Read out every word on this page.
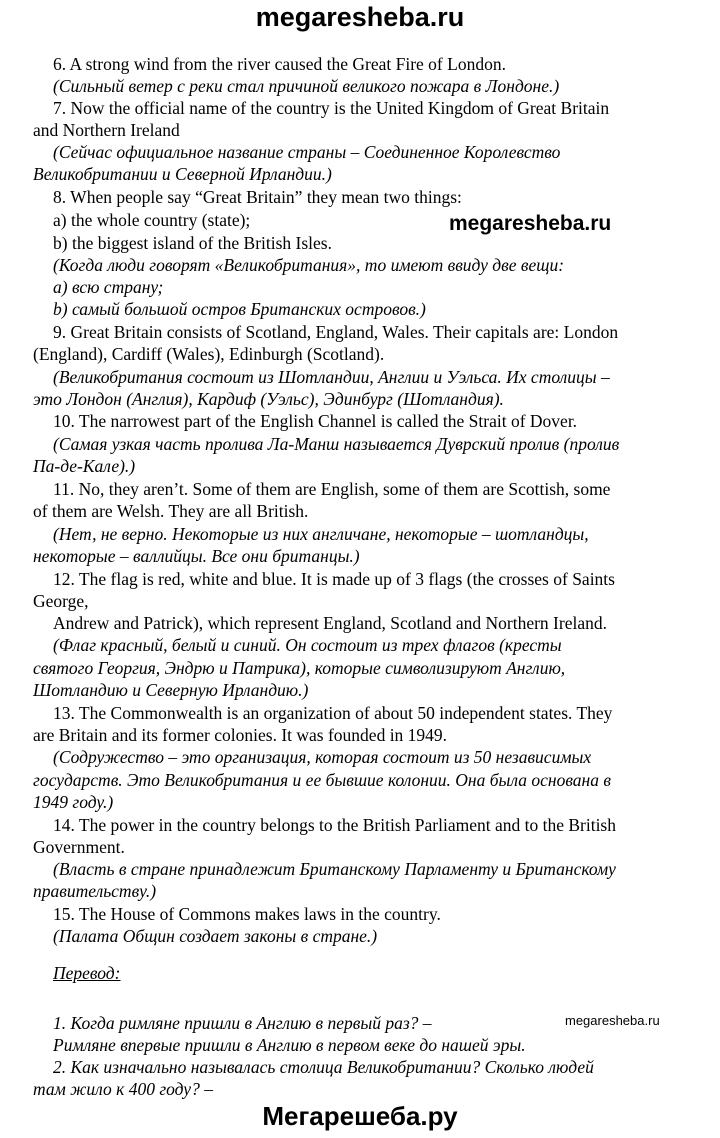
megaresheba.ru
6. A strong wind from the river caused the Great Fire of London.
(Сильный ветер с реки стал причиной великого пожара в Лондоне.)
7. Now the official name of the country is the United Kingdom of Great Britain
and Northern Ireland
(Сейчас официальное название страны – Соединенное Королевство
Великобритании и Северной Ирландии.)
8. When people say “Great Britain” they mean two things:
a) the whole country (state);
b) the biggest island of the British Isles.
(Когда люди говорят «Великобритания», то имеют ввиду две вещи:
а) всю страну;
b) самый большой остров Британских островов.)
9. Great Britain consists of Scotland, England, Wales. Their capitals are: London
(England), Cardiff (Wales), Edinburgh (Scotland).
(Великобритания состоит из Шотландии, Англии и Уэльса. Их столицы –
это Лондон (Англия), Кардиф (Уэльс), Эдинбург (Шотландия).
10. The narrowest part of the English Channel is called the Strait of Dover.
(Самая узкая часть пролива Ла-Манш называется Дуврский пролив (пролив
Па-де-Кале).)
11. No, they aren’t. Some of them are English, some of them are Scottish, some
of them are Welsh. They are all British.
(Нет, не верно. Некоторые из них англичане, некоторые – шотландцы,
некоторые – валлийцы. Все они британцы.)
12. The flag is red, white and blue. It is made up of 3 flags (the crosses of Saints
George,
Andrew and Patrick), which represent England, Scotland and Northern Ireland.
(Флаг красный, белый и синий. Он состоит из трех флагов (кресты
святого Георгия, Эндрю и Патрика), которые символизируют Англию,
Шотландию и Северную Ирландию.)
13. The Commonwealth is an organization of about 50 independent states. They
are Britain and its former colonies. It was founded in 1949.
(Содружество – это организация, которая состоит из 50 независимых
государств. Это Великобритания и ее бывшие колонии. Она была основана в
1949 году.)
14. The power in the country belongs to the British Parliament and to the British
Government.
(Власть в стране принадлежит Британскому Парламенту и Британскому
правительству.)
15. The House of Commons makes laws in the country.
(Палата Общин создает законы в стране.)
Перевод:
1. Когда римляне пришли в Англию в первый раз? –
Римляне впервые пришли в Англию в первом веке до нашей эры.
2. Как изначально называлась столица Великобритании? Сколько людей
там жило к 400 году? –
megaresheba.ru
megaresheba.ru
Мегарешеба.ру
